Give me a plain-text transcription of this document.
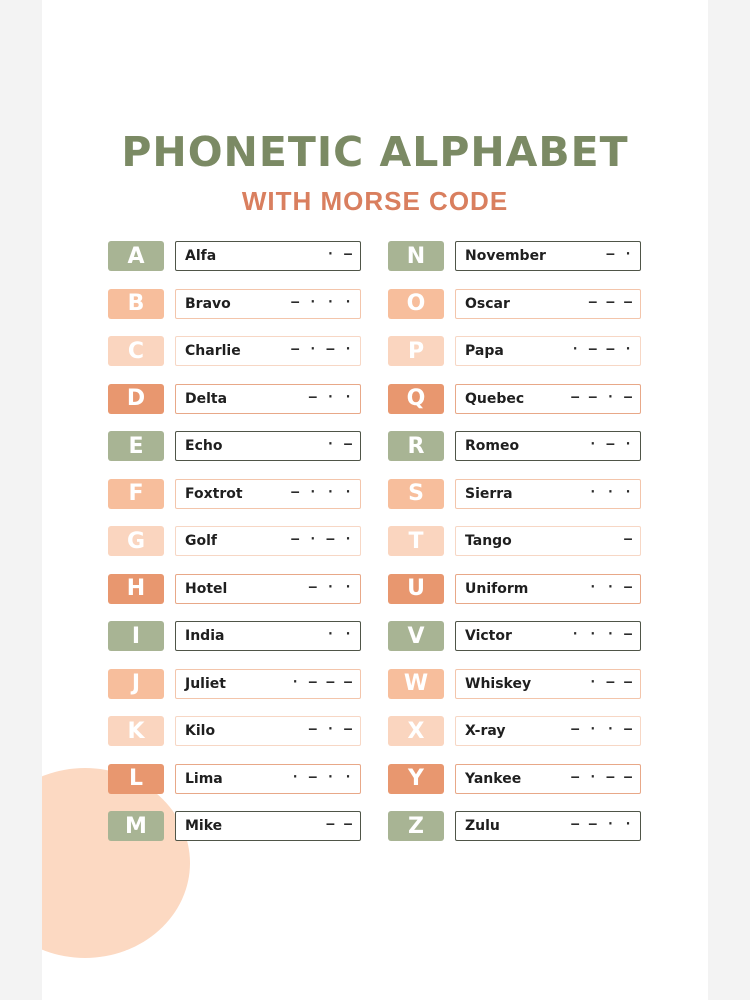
PHONETIC ALPHABET
WITH MORSE CODE
A	Alfa	· –
B	Bravo	– · · ·
C	Charlie	– · – ·
D	Delta	– · ·
E	Echo	· –
F	Foxtrot	– · · ·
G	Golf	– · – ·
H	Hotel	– · ·
I	India	· ·
J	Juliet	· – – –
K	Kilo	– · –
L	Lima	· – · ·
M	Mike	– –
N	November	– ·
O	Oscar	– – –
P	Papa	· – – ·
Q	Quebec	– – · –
R	Romeo	· – ·
S	Sierra	· · ·
T	Tango	–
U	Uniform	· · –
V	Victor	· · · –
W	Whiskey	· – –
X	X-ray	– · · –
Y	Yankee	– · – –
Z	Zulu	– – · ·
